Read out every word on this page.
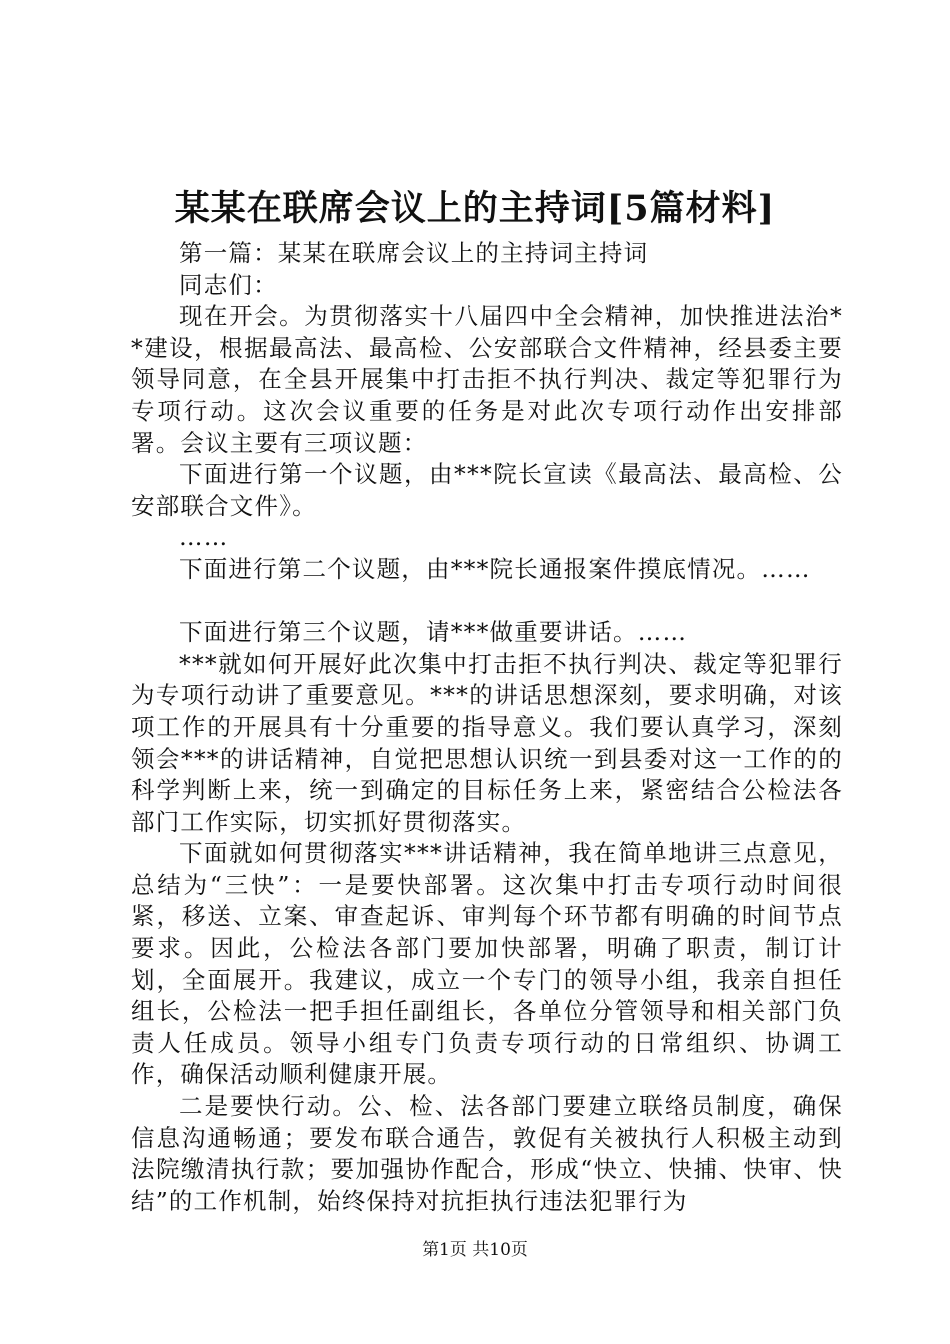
某某在联席会议上的主持词[5篇材料]

第一篇：某某在联席会议上的主持词主持词

同志们：

现在开会。为贯彻落实十八届四中全会精神，加快推进法治**建设，根据最高法、最高检、公安部联合文件精神，经县委主要领导同意，在全县开展集中打击拒不执行判决、裁定等犯罪行为专项行动。这次会议重要的任务是对此次专项行动作出安排部署。会议主要有三项议题：

下面进行第一个议题，由***院长宣读《最高法、最高检、公安部联合文件》。

……

下面进行第二个议题，由***院长通报案件摸底情况。……

下面进行第三个议题，请***做重要讲话。……

***就如何开展好此次集中打击拒不执行判决、裁定等犯罪行为专项行动讲了重要意见。***的讲话思想深刻，要求明确，对该项工作的开展具有十分重要的指导意义。我们要认真学习，深刻领会***的讲话精神，自觉把思想认识统一到县委对这一工作的的科学判断上来，统一到确定的目标任务上来，紧密结合公检法各部门工作实际，切实抓好贯彻落实。

下面就如何贯彻落实***讲话精神，我在简单地讲三点意见，总结为“三快”：一是要快部署。这次集中打击专项行动时间很紧，移送、立案、审查起诉、审判每个环节都有明确的时间节点要求。因此，公检法各部门要加快部署，明确了职责，制订计划，全面展开。我建议，成立一个专门的领导小组，我亲自担任组长，公检法一把手担任副组长，各单位分管领导和相关部门负责人任成员。领导小组专门负责专项行动的日常组织、协调工作，确保活动顺利健康开展。

二是要快行动。公、检、法各部门要建立联络员制度，确保信息沟通畅通；要发布联合通告，敦促有关被执行人积极主动到法院缴清执行款；要加强协作配合，形成“快立、快捕、快审、快结”的工作机制，始终保持对抗拒执行违法犯罪行为

第1页 共10页
